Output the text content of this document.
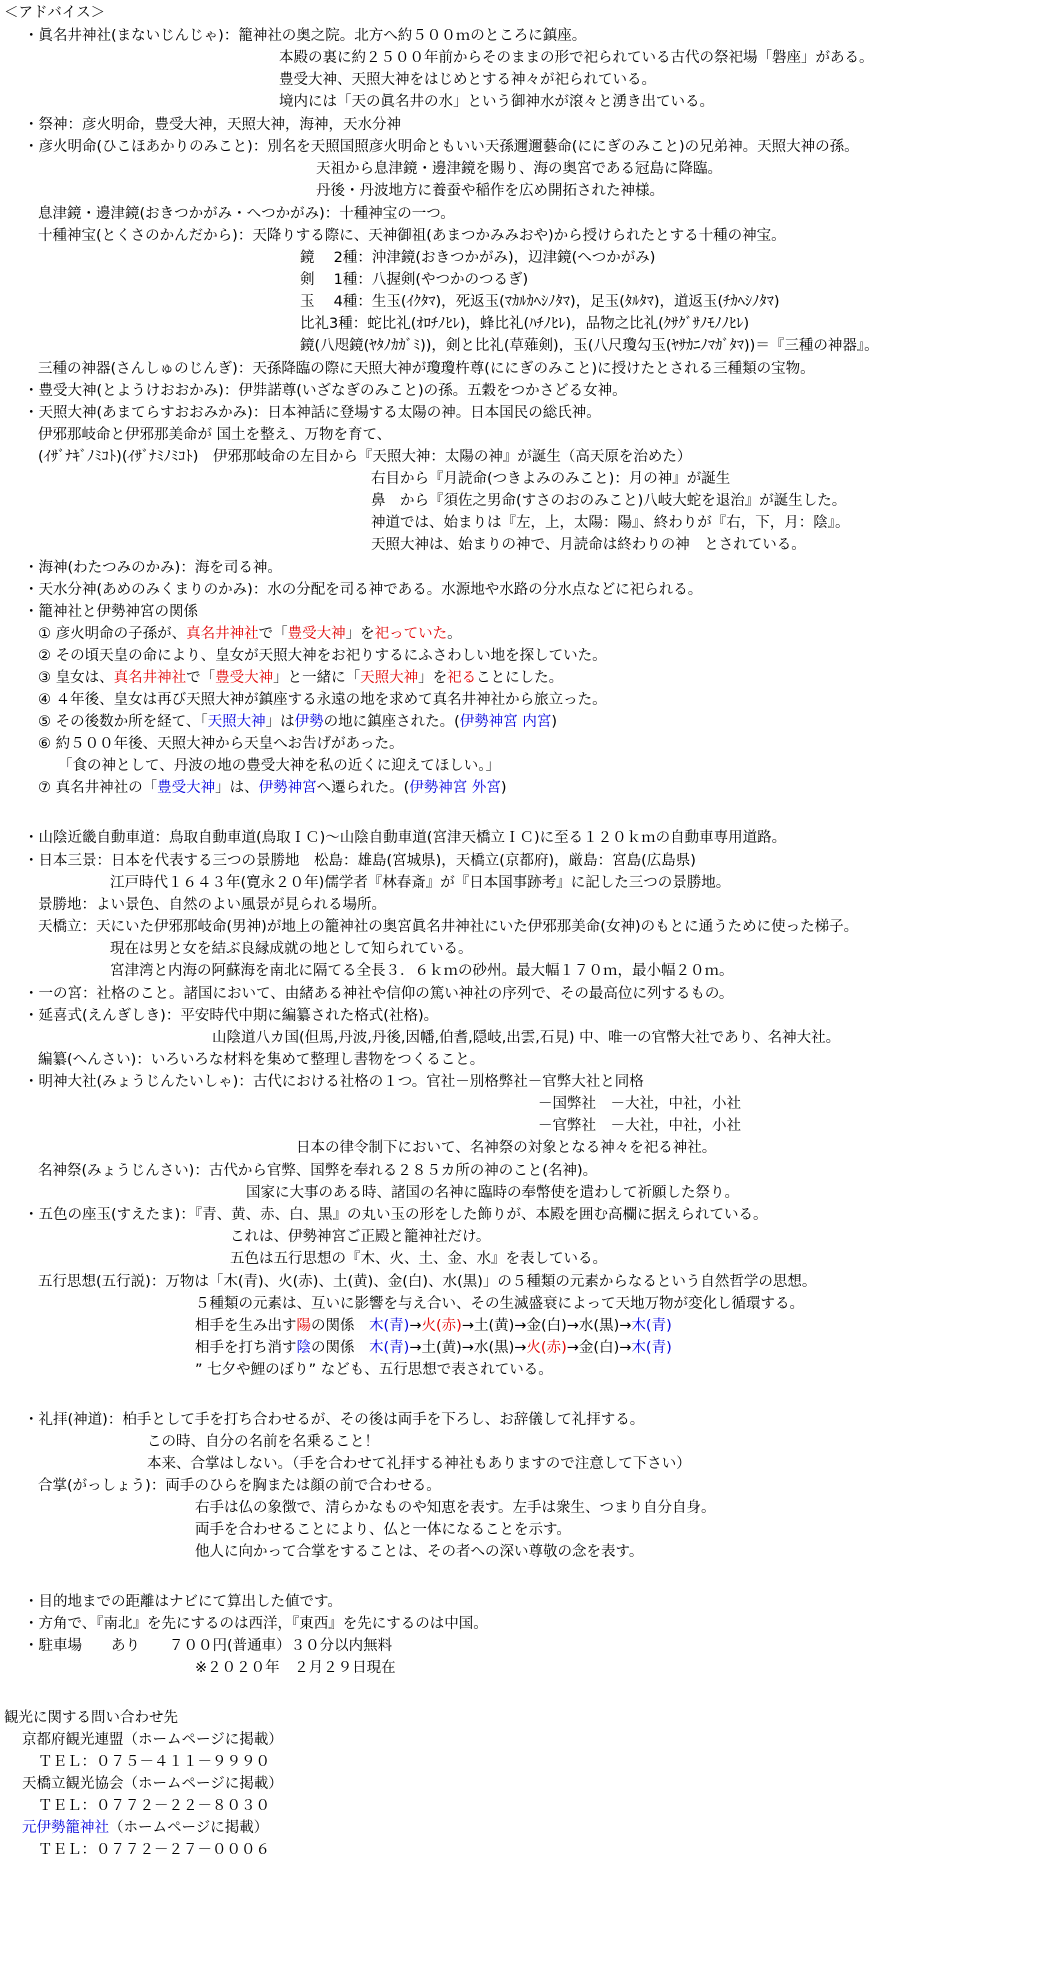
＜アドバイス＞
・眞名井神社(まないじんじゃ)：籠神社の奥之院。北方へ約５００ｍのところに鎮座。
本殿の裏に約２５００年前からそのままの形で祀られている古代の祭祀場「磐座」がある。
豊受大神、天照大神をはじめとする神々が祀られている。
境内には「天の眞名井の水」という御神水が滾々と湧き出ている。
・祭神：彦火明命，豊受大神，天照大神，海神，天水分神
・彦火明命(ひこほあかりのみこと)：別名を天照国照彦火明命ともいい天孫邇邇藝命(ににぎのみこと)の兄弟神。天照大神の孫。
天祖から息津鏡・邊津鏡を賜り、海の奥宮である冠島に降臨。
丹後・丹波地方に養蚕や稲作を広め開拓された神様。
息津鏡・邊津鏡(おきつかがみ・へつかがみ)：十種神宝の一つ。
十種神宝(とくさのかんだから)：天降りする際に、天神御祖(あまつかみみおや)から授けられたとする十種の神宝。
鏡　 2種：沖津鏡(おきつかがみ)，辺津鏡(へつかがみ)
剣　 1種：八握剣(やつかのつるぎ)
玉　 4種：生玉(ｲｸﾀﾏ)，死返玉(ﾏｶﾙｶﾍｼﾉﾀﾏ)，足玉(ﾀﾙﾀﾏ)，道返玉(ﾁｶﾍｼﾉﾀﾏ)
比礼3種：蛇比礼(ｵﾛﾁﾉﾋﾚ)，蜂比礼(ﾊﾁﾉﾋﾚ)，品物之比礼(ｸｻｸﾞｻﾉﾓﾉﾉﾋﾚ)
鏡(八咫鏡(ﾔﾀﾉｶｶﾞﾐ))，剣と比礼(草薙剣)，玉(八尺瓊勾玉(ﾔｻｶﾆﾉﾏｶﾞﾀﾏ))＝『三種の神器』。
三種の神器(さんしゅのじんぎ)：天孫降臨の際に天照大神が瓊瓊杵尊(ににぎのみこと)に授けたとされる三種類の宝物。
・豊受大神(とようけおおかみ)：伊弉諾尊(いざなぎのみこと)の孫。五穀をつかさどる女神。
・天照大神(あまてらすおおみかみ)：日本神話に登場する太陽の神。日本国民の総氏神。
伊邪那岐命と伊邪那美命が 国土を整え、万物を育て、
(ｲｻﾞﾅｷﾞﾉﾐｺﾄ)(ｲｻﾞﾅﾐﾉﾐｺﾄ)　伊邪那岐命の左目から『天照大神：太陽の神』が誕生（高天原を治めた）
右目から『月読命(つきよみのみこと)：月の神』が誕生
鼻　から『須佐之男命(すさのおのみこと)八岐大蛇を退治』が誕生した。
神道では、始まりは『左，上，太陽：陽』、終わりが『右，下，月：陰』。
天照大神は、始まりの神で、月読命は終わりの神　とされている。
・海神(わたつみのかみ)：海を司る神。
・天水分神(あめのみくまりのかみ)：水の分配を司る神である。水源地や水路の分水点などに祀られる。
・籠神社と伊勢神宮の関係
① 彦火明命の子孫が、真名井神社で「豊受大神」を祀っていた。
② その頃天皇の命により、皇女が天照大神をお祀りするにふさわしい地を探していた。
③ 皇女は、真名井神社で「豊受大神」と一緒に「天照大神」を祀ることにした。
④ ４年後、皇女は再び天照大神が鎮座する永遠の地を求めて真名井神社から旅立った。
⑤ その後数か所を経て、「天照大神」は伊勢の地に鎮座された。(伊勢神宮 内宮)
⑥ 約５００年後、天照大神から天皇へお告げがあった。
「食の神として、丹波の地の豊受大神を私の近くに迎えてほしい。」
⑦ 真名井神社の「豊受大神」は、伊勢神宮へ遷られた。(伊勢神宮 外宮)
・山陰近畿自動車道：鳥取自動車道(鳥取ＩＣ)～山陰自動車道(宮津天橋立ＩＣ)に至る１２０ｋｍの自動車専用道路。
・日本三景：日本を代表する三つの景勝地　松島：雄島(宮城県)，天橋立(京都府)，厳島：宮島(広島県)
江戸時代１６４３年(寛永２０年)儒学者『林春斎』が『日本国事跡考』に記した三つの景勝地。
景勝地：よい景色、自然のよい風景が見られる場所。
天橋立：天にいた伊邪那岐命(男神)が地上の籠神社の奥宮眞名井神社にいた伊邪那美命(女神)のもとに通うために使った梯子。
現在は男と女を結ぶ良縁成就の地として知られている。
宮津湾と内海の阿蘇海を南北に隔てる全長３．６ｋｍの砂州。最大幅１７０ｍ，最小幅２０ｍ。
・一の宮：社格のこと。諸国において、由緒ある神社や信仰の篤い神社の序列で、その最高位に列するもの。
・延喜式(えんぎしき)：平安時代中期に編纂された格式(社格)。
山陰道八カ国(但馬,丹波,丹後,因幡,伯耆,隠岐,出雲,石見) 中、唯一の官幣大社であり、名神大社。
編纂(へんさい)：いろいろな材料を集めて整理し書物をつくること。
・明神大社(みょうじんたいしゃ)：古代における社格の１つ。官社－別格弊社－官弊大社と同格
－国弊社　－大社，中社，小社
－官弊社　－大社，中社，小社
日本の律令制下において、名神祭の対象となる神々を祀る神社。
名神祭(みょうじんさい)：古代から官弊、国弊を奉れる２８５カ所の神のこと(名神)。
国家に大事のある時、諸国の名神に臨時の奉幣使を遣わして祈願した祭り。
・五色の座玉(すえたま)：『青、黄、赤、白、黒』の丸い玉の形をした飾りが、本殿を囲む高欄に据えられている。
これは、伊勢神宮ご正殿と籠神社だけ。
五色は五行思想の『木、火、土、金、水』を表している。
五行思想(五行説)：万物は「木(青)、火(赤)、土(黄)、金(白)、水(黒)」の５種類の元素からなるという自然哲学の思想。
５種類の元素は、互いに影響を与え合い、その生滅盛衰によって天地万物が変化し循環する。
相手を生み出す陽の関係　木(青)→火(赤)→土(黄)→金(白)→水(黒)→木(青)
相手を打ち消す陰の関係　木(青)→土(黄)→水(黒)→火(赤)→金(白)→木(青)
” 七夕や鯉のぼり” なども、五行思想で表されている。
・礼拝(神道)：柏手として手を打ち合わせるが、その後は両手を下ろし、お辞儀して礼拝する。
この時、自分の名前を名乗ること！
本来、合掌はしない。（手を合わせて礼拝する神社もありますので注意して下さい）
合掌(がっしょう)：両手のひらを胸または顔の前で合わせる。
右手は仏の象徴で、清らかなものや知恵を表す。左手は衆生、つまり自分自身。
両手を合わせることにより、仏と一体になることを示す。
他人に向かって合掌をすることは、その者への深い尊敬の念を表す。
・目的地までの距離はナビにて算出した値です。
・方角で、『南北』を先にするのは西洋，『東西』を先にするのは中国。
・駐車場　　あり　　７００円(普通車）３０分以内無料
※２０２０年　２月２９日現在
観光に関する問い合わせ先
京都府観光連盟（ホームページに掲載）
ＴＥＬ：０７５－４１１－９９９０
天橋立観光協会（ホームページに掲載）
ＴＥＬ：０７７２－２２－８０３０
元伊勢籠神社（ホームページに掲載）
ＴＥＬ：０７７２－２７－０００６
